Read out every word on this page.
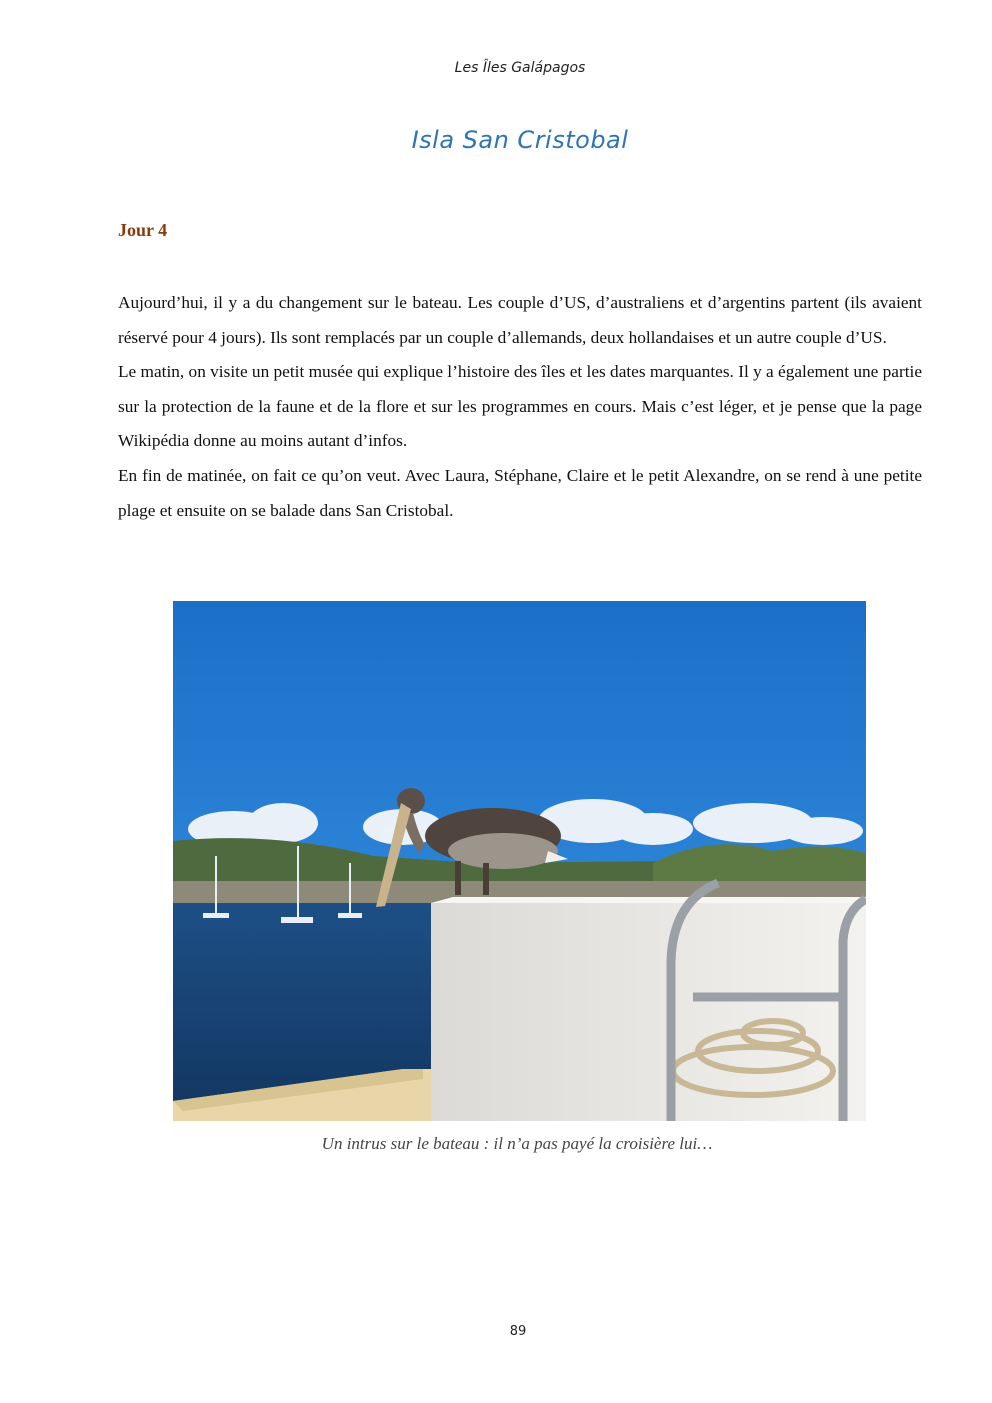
Les Îles Galápagos
Isla San Cristobal
Jour 4

Aujourd’hui, il y a du changement sur le bateau. Les couple d’US, d’australiens et d’argentins partent (ils avaient réservé pour 4 jours). Ils sont remplacés par un couple d’allemands, deux hollandaises et un autre couple d’US.

Le matin, on visite un petit musée qui explique l’histoire des îles et les dates marquantes. Il y a également une partie sur la protection de la faune et de la flore et sur les programmes en cours. Mais c’est léger, et je pense que la page Wikipédia donne au moins autant d’infos.

En fin de matinée, on fait ce qu’on veut. Avec Laura, Stéphane, Claire et le petit Alexandre, on se rend à une petite plage et ensuite on se balade dans San Cristobal.

Un intrus sur le bateau : il n’a pas payé la croisière lui…
89
